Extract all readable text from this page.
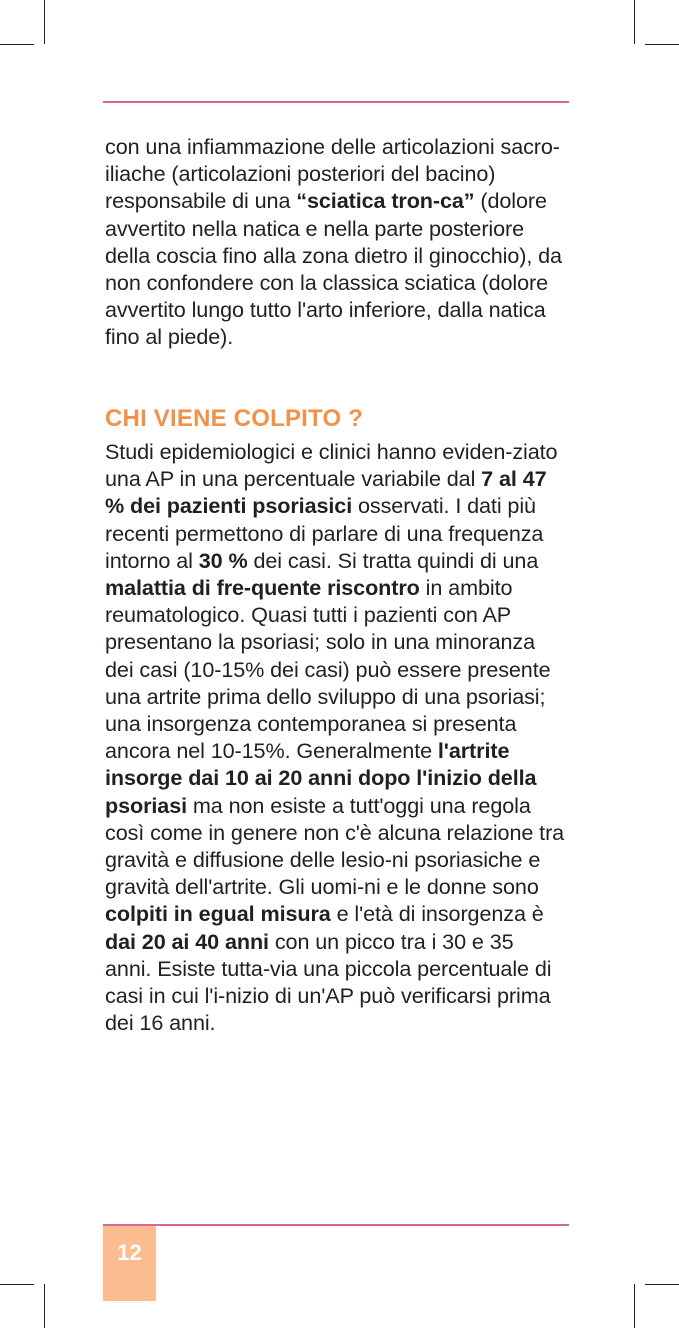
con una infiammazione delle articolazioni sacro-iliache (articolazioni posteriori del bacino) responsabile di una “sciatica tron-ca” (dolore avvertito nella natica e nella parte posteriore della coscia fino alla zona dietro il ginocchio), da non confondere con la classica sciatica (dolore avvertito lungo tutto l'arto inferiore, dalla natica fino al piede).

CHI VIENE COLPITO ?

Studi epidemiologici e clinici hanno eviden-ziato una AP in una percentuale variabile dal 7 al 47 % dei pazienti psoriasici osservati. I dati più recenti permettono di parlare di una frequenza intorno al 30 % dei casi. Si tratta quindi di una malattia di fre-quente riscontro in ambito reumatologico. Quasi tutti i pazienti con AP presentano la psoriasi; solo in una minoranza dei casi (10-15% dei casi) può essere presente una artrite prima dello sviluppo di una psoriasi; una insorgenza contemporanea si presenta ancora nel 10-15%. Generalmente l'artrite insorge dai 10 ai 20 anni dopo l'inizio della psoriasi ma non esiste a tutt'oggi una regola così come in genere non c'è alcuna relazione tra gravità e diffusione delle lesio-ni psoriasiche e gravità dell'artrite. Gli uomi-ni e le donne sono colpiti in egual misura e l'età di insorgenza è dai 20 ai 40 anni con un picco tra i 30 e 35 anni. Esiste tutta-via una piccola percentuale di casi in cui l'i-nizio di un'AP può verificarsi prima dei 16 anni.

12
